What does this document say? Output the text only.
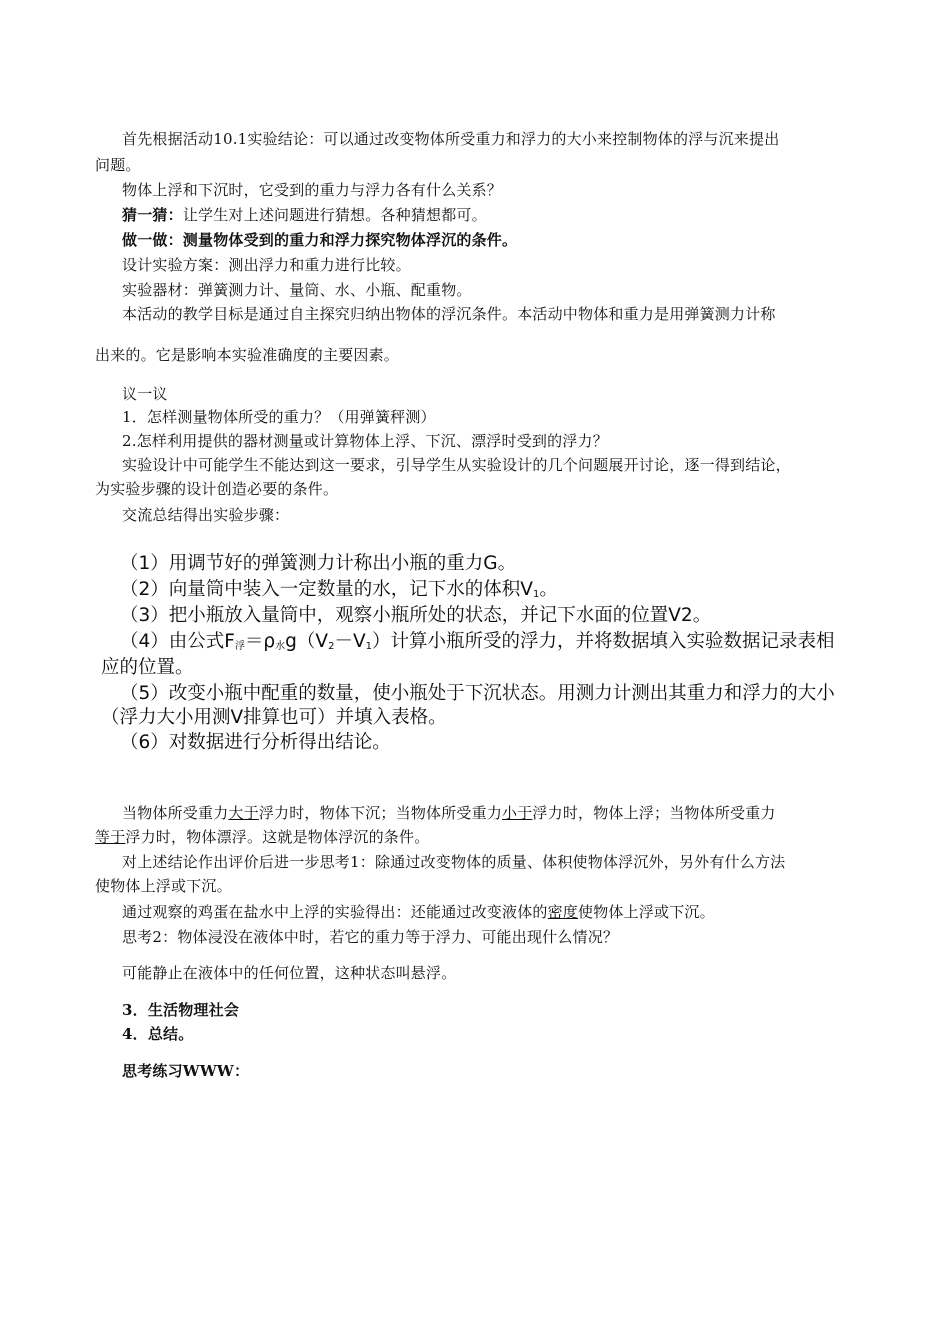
首先根据活动10.1实验结论：可以通过改变物体所受重力和浮力的大小来控制物体的浮与沉来提出
问题。
物体上浮和下沉时，它受到的重力与浮力各有什么关系？
猜一猜：让学生对上述问题进行猜想。各种猜想都可。
做一做：测量物体受到的重力和浮力探究物体浮沉的条件。
设计实验方案：测出浮力和重力进行比较。
实验器材：弹簧测力计、量筒、水、小瓶、配重物。
本活动的教学目标是通过自主探究归纳出物体的浮沉条件。本活动中物体和重力是用弹簧测力计称
出来的。它是影响本实验准确度的主要因素。
议一议
1．怎样测量物体所受的重力？（用弹簧秤测）
2.怎样利用提供的器材测量或计算物体上浮、下沉、漂浮时受到的浮力？
实验设计中可能学生不能达到这一要求，引导学生从实验设计的几个问题展开讨论，逐一得到结论，
为实验步骤的设计创造必要的条件。
交流总结得出实验步骤：
（1）用调节好的弹簧测力计称出小瓶的重力G。
（2）向量筒中装入一定数量的水，记下水的体积$V_1$。
（3）把小瓶放入量筒中，观察小瓶所处的状态，并记下水面的位置V2。
（4）由公式$F_浮=\rho_水g(V_2-V_1)$计算小瓶所受的浮力，并将数据填入实验数据记录表相
应的位置。
（5）改变小瓶中配重的数量，使小瓶处于下沉状态。用测力计测出其重力和浮力的大小
（浮力大小用测V排算也可）并填入表格。
（6）对数据进行分析得出结论。
当物体所受重力大于浮力时，物体下沉；当物体所受重力小于浮力时，物体上浮；当物体所受重力
等于浮力时，物体漂浮。这就是物体浮沉的条件。
对上述结论作出评价后进一步思考1：除通过改变物体的质量、体积使物体浮沉外，另外有什么方法
使物体上浮或下沉。
通过观察的鸡蛋在盐水中上浮的实验得出：还能通过改变液体的密度使物体上浮或下沉。
思考2：物体浸没在液体中时，若它的重力等于浮力、可能出现什么情况？
可能静止在液体中的任何位置，这种状态叫悬浮。
3．生活物理社会
4．总结。
思考练习WWW：
